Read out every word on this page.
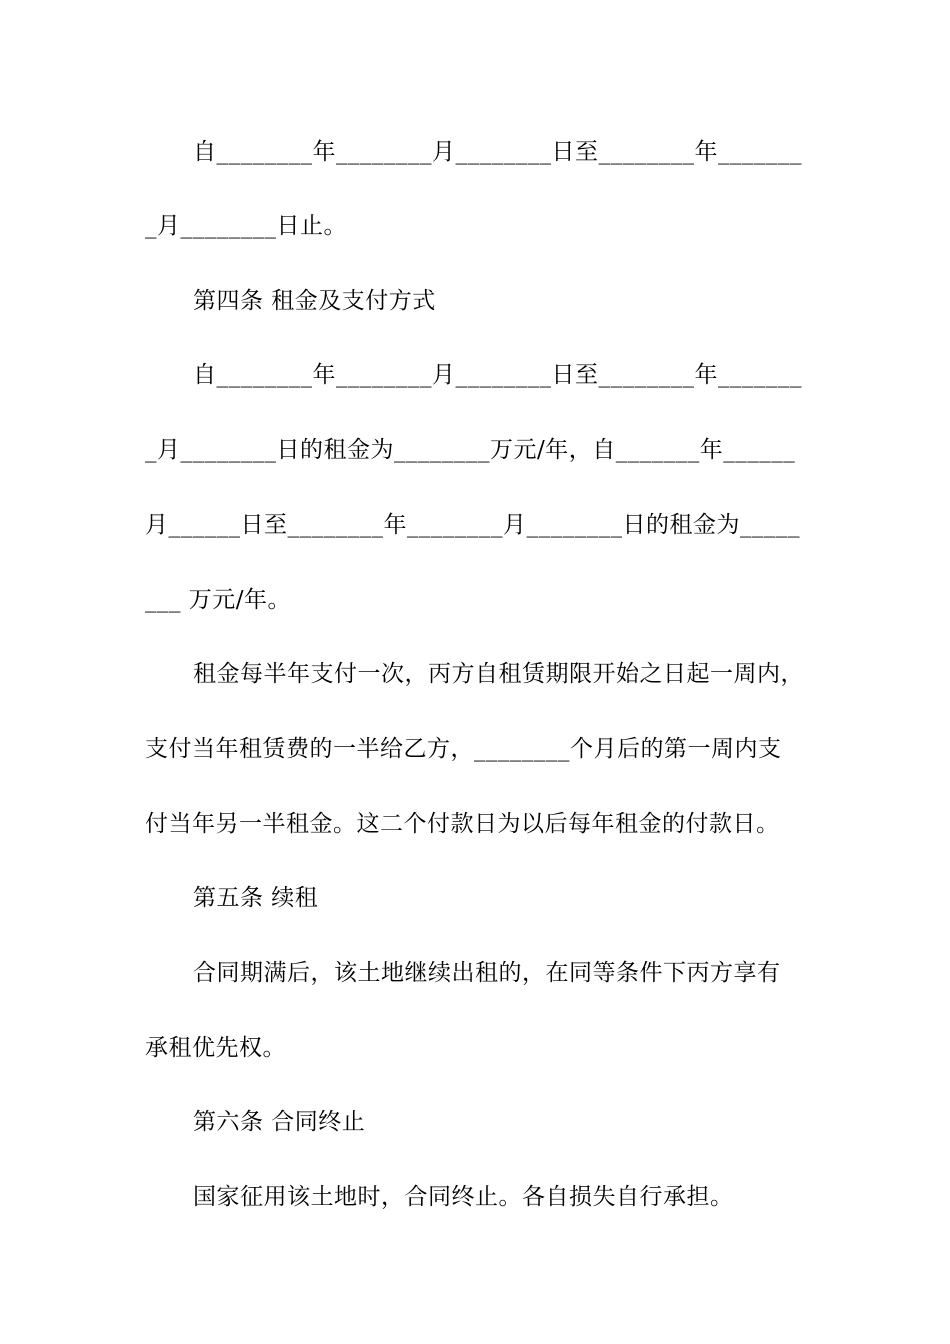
自________年________月________日至________年_______
_月________日止。
第四条 租金及支付方式
自________年________月________日至________年_______
_月________日的租金为________万元/年，自_______年______
月______日至________年________月________日的租金为_____
___ 万元/年。
租金每半年支付一次，丙方自租赁期限开始之日起一周内，
支付当年租赁费的一半给乙方，________个月后的第一周内支
付当年另一半租金。这二个付款日为以后每年租金的付款日。
第五条 续租
合同期满后，该土地继续出租的，在同等条件下丙方享有
承租优先权。
第六条 合同终止
国家征用该土地时，合同终止。各自损失自行承担。
